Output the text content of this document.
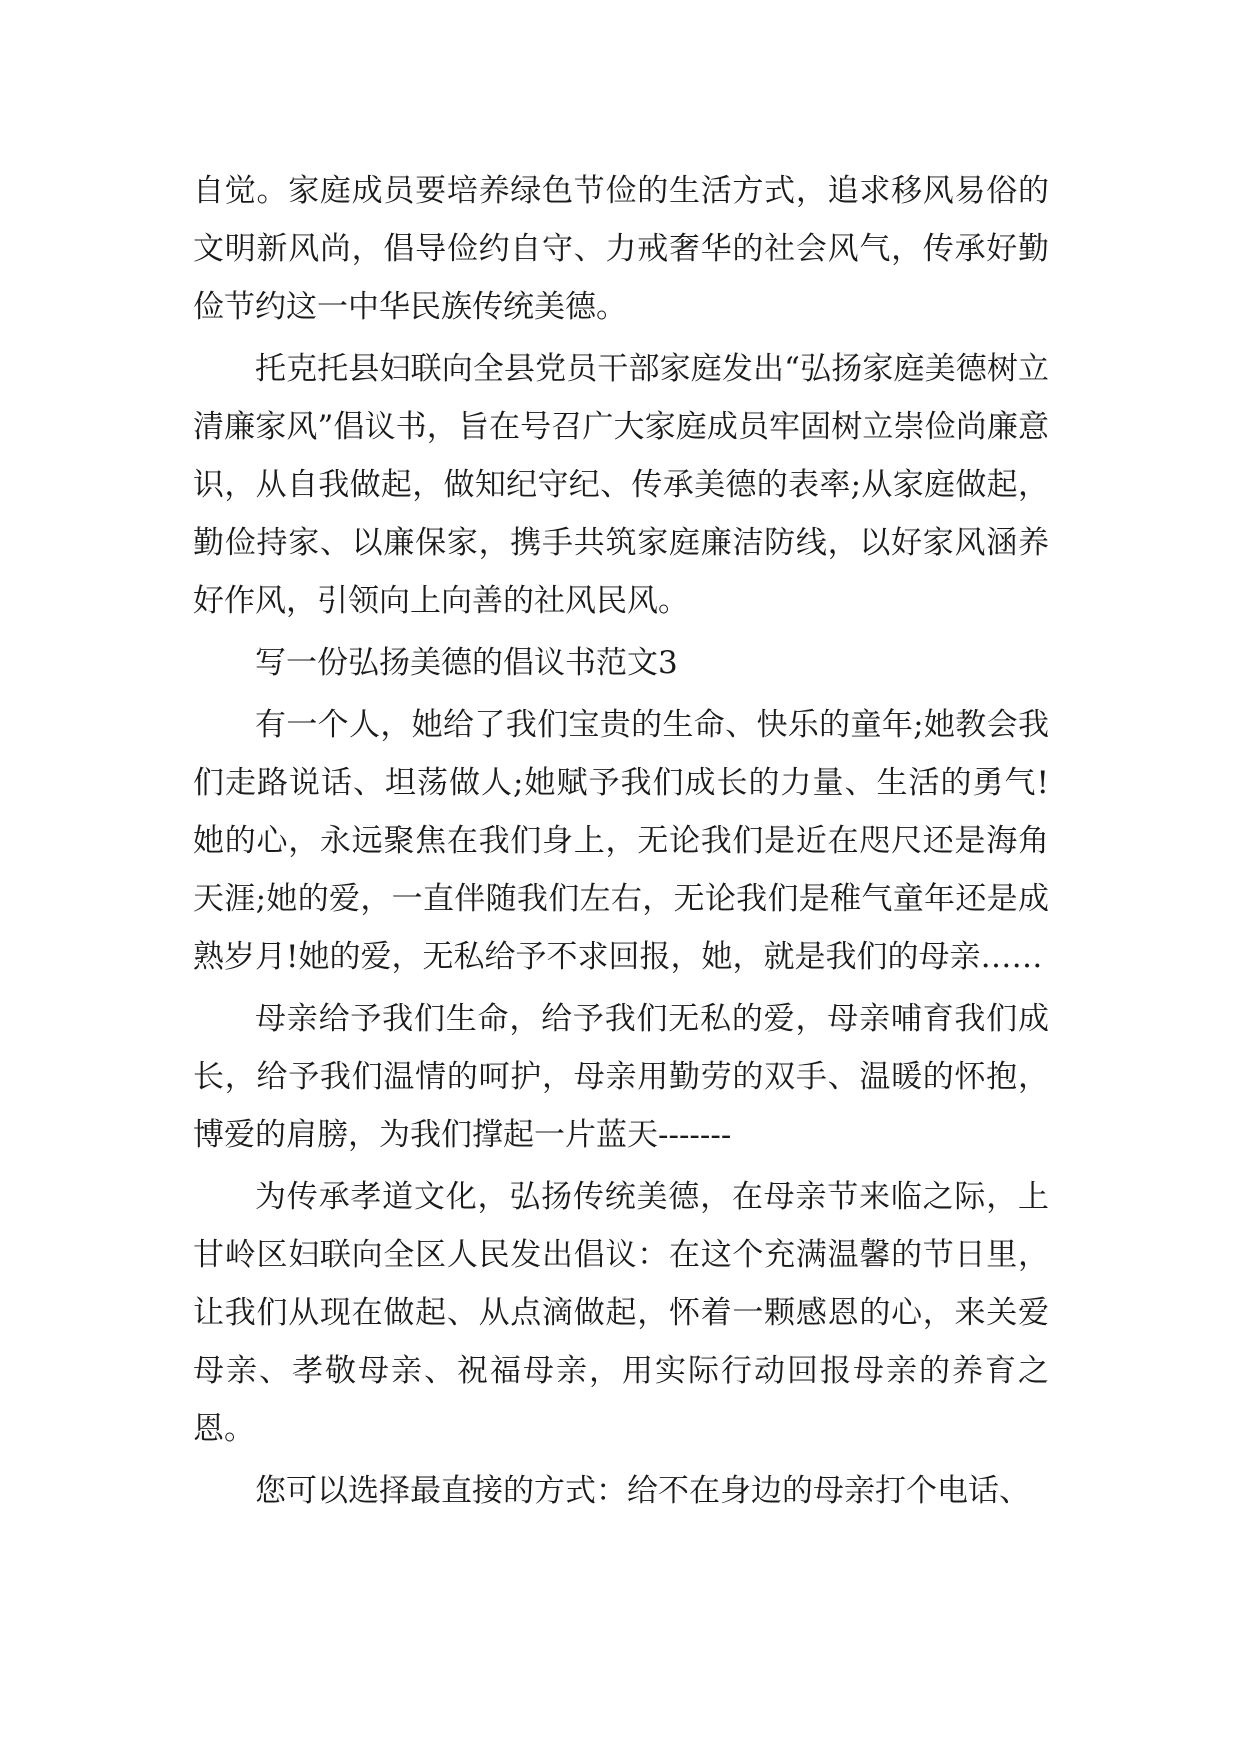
自觉。家庭成员要培养绿色节俭的生活方式，追求移风易俗的文明新风尚，倡导俭约自守、力戒奢华的社会风气，传承好勤俭节约这一中华民族传统美德。

托克托县妇联向全县党员干部家庭发出“弘扬家庭美德树立清廉家风”倡议书，旨在号召广大家庭成员牢固树立崇俭尚廉意识，从自我做起，做知纪守纪、传承美德的表率;从家庭做起，勤俭持家、以廉保家，携手共筑家庭廉洁防线，以好家风涵养好作风，引领向上向善的社风民风。

写一份弘扬美德的倡议书范文3

有一个人，她给了我们宝贵的生命、快乐的童年;她教会我们走路说话、坦荡做人;她赋予我们成长的力量、生活的勇气!她的心，永远聚焦在我们身上，无论我们是近在咫尺还是海角天涯;她的爱，一直伴随我们左右，无论我们是稚气童年还是成熟岁月!她的爱，无私给予不求回报，她，就是我们的母亲……

母亲给予我们生命，给予我们无私的爱，母亲哺育我们成长，给予我们温情的呵护，母亲用勤劳的双手、温暖的怀抱，博爱的肩膀，为我们撑起一片蓝天-------

为传承孝道文化，弘扬传统美德，在母亲节来临之际，上甘岭区妇联向全区人民发出倡议：在这个充满温馨的节日里，让我们从现在做起、从点滴做起，怀着一颗感恩的心，来关爱母亲、孝敬母亲、祝福母亲，用实际行动回报母亲的养育之恩。

您可以选择最直接的方式：给不在身边的母亲打个电话、
